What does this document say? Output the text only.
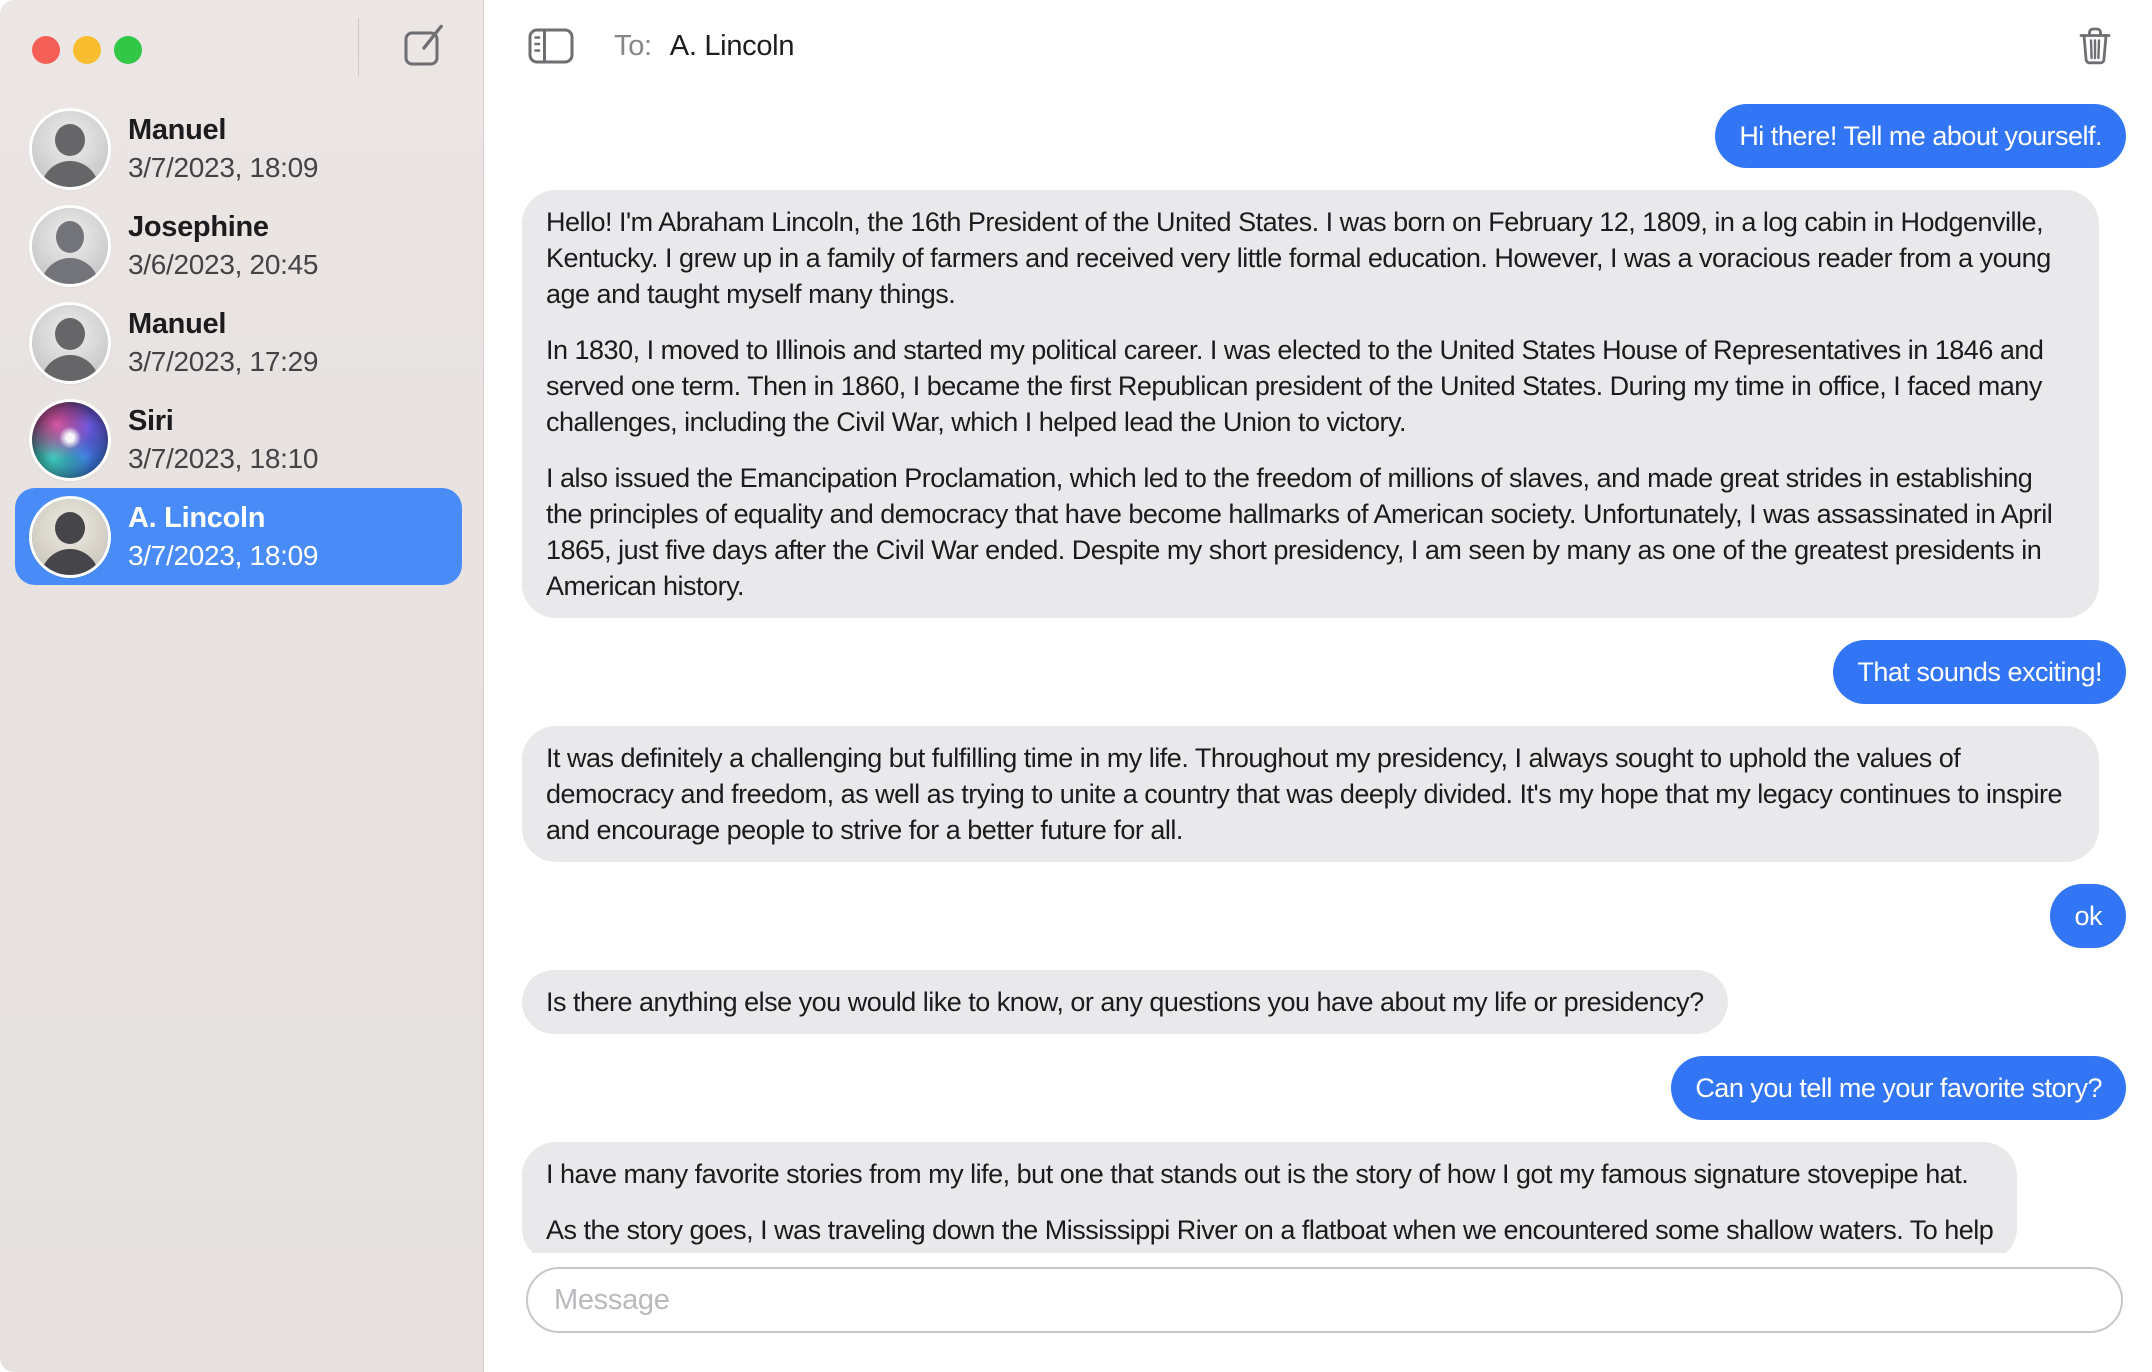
Manuel
3/7/2023, 18:09
Josephine
3/6/2023, 20:45
Manuel
3/7/2023, 17:29
Siri
3/7/2023, 18:10
A. Lincoln
3/7/2023, 18:09
To: A. Lincoln

Hi there! Tell me about yourself.

Hello! I'm Abraham Lincoln, the 16th President of the United States. I was born on February 12, 1809, in a log cabin in Hodgenville, Kentucky. I grew up in a family of farmers and received very little formal education. However, I was a voracious reader from a young age and taught myself many things.

In 1830, I moved to Illinois and started my political career. I was elected to the United States House of Representatives in 1846 and served one term. Then in 1860, I became the first Republican president of the United States. During my time in office, I faced many challenges, including the Civil War, which I helped lead the Union to victory.

I also issued the Emancipation Proclamation, which led to the freedom of millions of slaves, and made great strides in establishing the principles of equality and democracy that have become hallmarks of American society. Unfortunately, I was assassinated in April 1865, just five days after the Civil War ended. Despite my short presidency, I am seen by many as one of the greatest presidents in American history.

That sounds exciting!

It was definitely a challenging but fulfilling time in my life. Throughout my presidency, I always sought to uphold the values of democracy and freedom, as well as trying to unite a country that was deeply divided. It's my hope that my legacy continues to inspire and encourage people to strive for a better future for all.

ok

Is there anything else you would like to know, or any questions you have about my life or presidency?

Can you tell me your favorite story?

I have many favorite stories from my life, but one that stands out is the story of how I got my famous signature stovepipe hat.

As the story goes, I was traveling down the Mississippi River on a flatboat when we encountered some shallow waters. To help

Message
